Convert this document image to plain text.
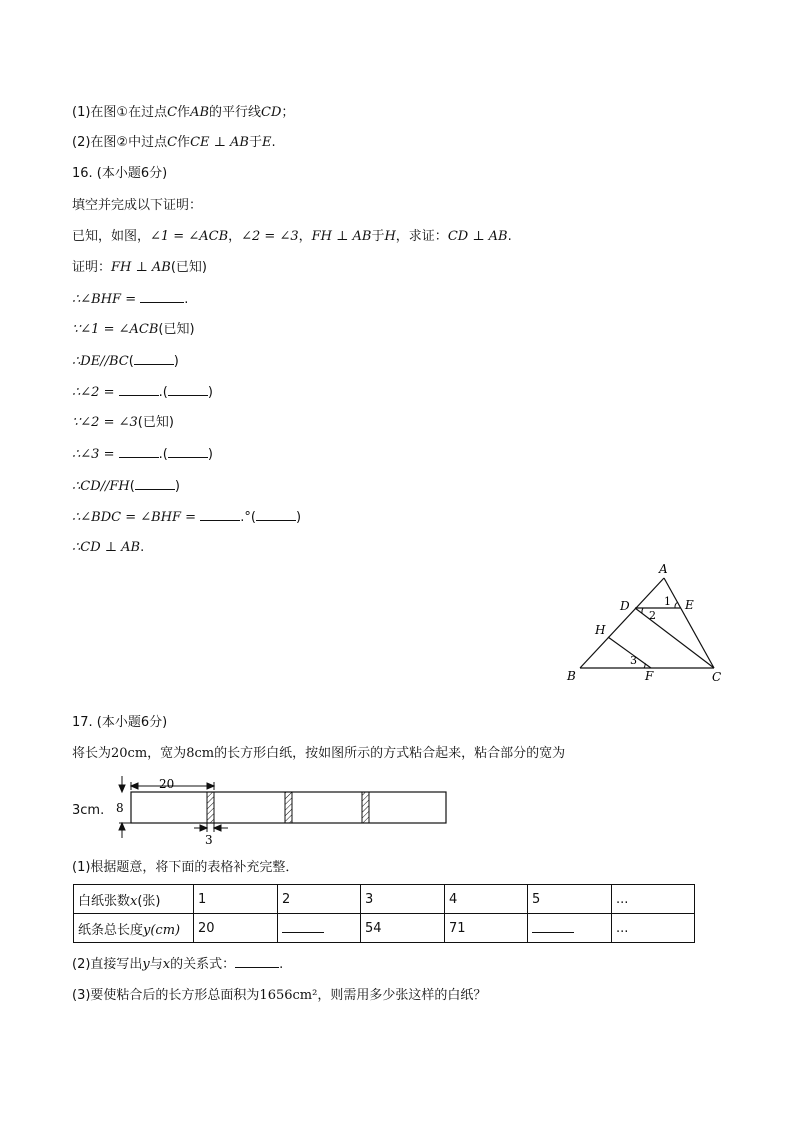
(1)在图①在过点C作AB的平行线CD；
(2)在图②中过点C作CE ⊥ AB于E.
16. (本小题6分)
填空并完成以下证明：
已知，如图，∠1 = ∠ACB，∠2 = ∠3，FH ⊥ AB于H，求证：CD ⊥ AB.
证明：FH ⊥ AB(已知)
∴∠BHF =	.
∵∠1 = ∠ACB(已知)
∴DE//BC(	)
∴∠2 =	.(	)
∵∠2 = ∠3(已知)
∴∠3 =	.(	)
∴CD//FH(	)
∴∠BDC = ∠BHF =	.°(	)
∴CD ⊥ AB.
A
D	E
H
B	F	C
1
2
3
17. (本小题6分)
将长为20cm，宽为8cm的长方形白纸，按如图所示的方式粘合起来，粘合部分的宽为
3cm.
20
8
3
(1)根据题意，将下面的表格补充完整．
白纸张数x(张)	1	2	3	4	5	...
纸条总长度y(cm)	20		54	71		...
(2)直接写出y与x的关系式：	.
(3)要使粘合后的长方形总面积为1656cm²，则需用多少张这样的白纸？
